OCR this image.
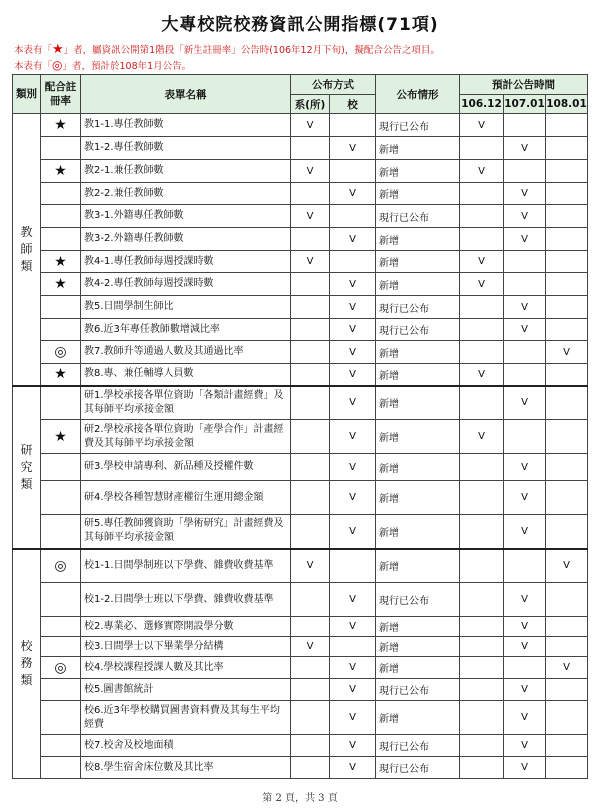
大專校院校務資訊公開指標(71項)
本表有「★」者，屬資訊公開第1階段「新生註冊率」公告時(106年12月下旬)，擬配合公告之項目。
本表有「◎」者，預計於108年1月公告。
類別	配合註冊率	表單名稱	公布方式		公布情形	預計公告時間		
			系(所)	校		106.12	107.01	108.01

教
師
類	★	教1-1.專任教師數	V		現行已公布	V		
		教1-2.專任教師數		V	新增		V	
	★	教2-1.兼任教師數	V		新增	V		
		教2-2.兼任教師數		V	新增		V	
		教3-1.外籍專任教師數	V		現行已公布		V	
		教3-2.外籍專任教師數		V	新增		V	
	★	教4-1.專任教師每週授課時數	V		新增	V		
	★	教4-2.專任教師每週授課時數		V	新增	V		
		教5.日間學制生師比		V	現行已公布		V	
		教6.近3年專任教師數增減比率		V	現行已公布		V	
	◎	教7.教師升等通過人數及其通過比率		V	新增			V
	★	教8.專、兼任輔導人員數		V	新增	V		

研
究
類		研1.學校承接各單位資助「各類計畫經費」及其每師平均承接金額		V	新增		V	
	★	研2.學校承接各單位資助「產學合作」計畫經費及其每師平均承接金額		V	新增	V		
		研3.學校申請專利、新品種及授權件數		V	新增		V	
		研4.學校各種智慧財產權衍生運用總金額		V	新增		V	
		研5.專任教師獲資助「學術研究」計畫經費及其每師平均承接金額		V	新增		V	

校
務
類	◎	校1-1.日間學制班以下學費、雜費收費基準	V		新增			V
		校1-2.日間學士班以下學費、雜費收費基準		V	現行已公布		V	
		校2.專業必、選修實際開設學分數		V	新增		V	
		校3.日間學士以下畢業學分結構	V		新增		V	
	◎	校4.學校課程授課人數及其比率		V	新增			V
		校5.圖書館統計		V	現行已公布		V	
		校6.近3年學校購買圖書資料費及其每生平均經費		V	新增		V	
		校7.校舍及校地面積		V	現行已公布		V	
		校8.學生宿舍床位數及其比率		V	現行已公布		V	
第 2 頁，共 3 頁
